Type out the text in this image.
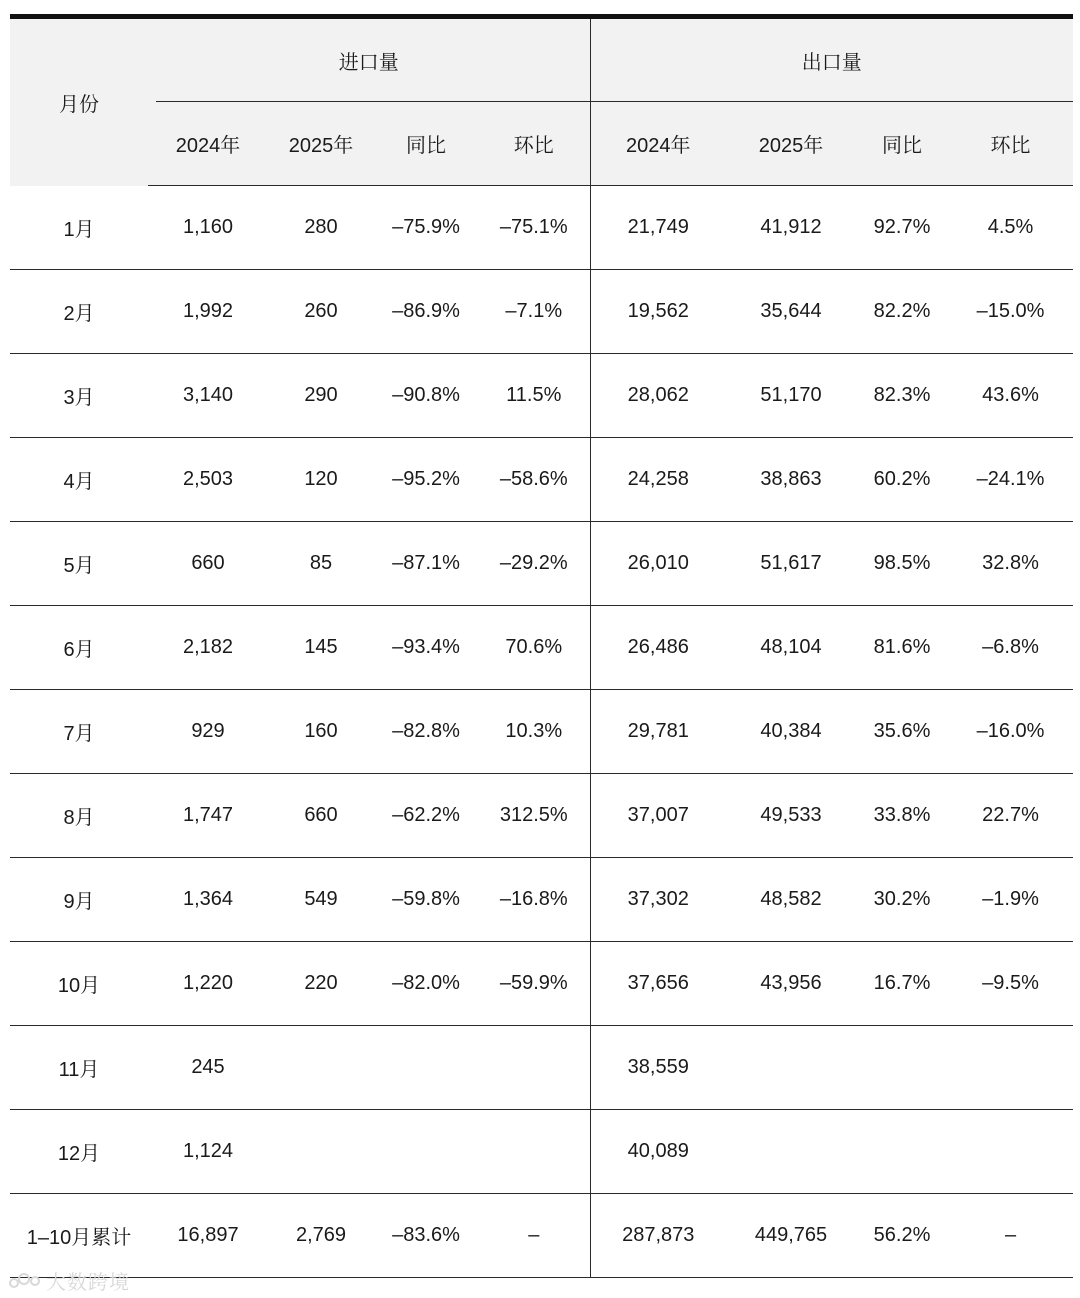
月份	进口量				出口量			
	2024年	2025年	同比	环比	2024年	2025年	同比	环比
1月	1,160	280	–75.9%	–75.1%	21,749	41,912	92.7%	4.5%
2月	1,992	260	–86.9%	–7.1%	19,562	35,644	82.2%	–15.0%
3月	3,140	290	–90.8%	11.5%	28,062	51,170	82.3%	43.6%
4月	2,503	120	–95.2%	–58.6%	24,258	38,863	60.2%	–24.1%
5月	660	85	–87.1%	–29.2%	26,010	51,617	98.5%	32.8%
6月	2,182	145	–93.4%	70.6%	26,486	48,104	81.6%	–6.8%
7月	929	160	–82.8%	10.3%	29,781	40,384	35.6%	–16.0%
8月	1,747	660	–62.2%	312.5%	37,007	49,533	33.8%	22.7%
9月	1,364	549	–59.8%	–16.8%	37,302	48,582	30.2%	–1.9%
10月	1,220	220	–82.0%	–59.9%	37,656	43,956	16.7%	–9.5%
11月	245				38,559			
12月	1,124				40,089			
1–10月累计	16,897	2,769	–83.6%	–	287,873	449,765	56.2%	–
大数跨境
